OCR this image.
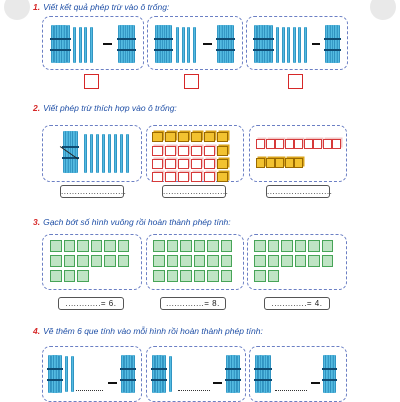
1. Viết kết quả phép trừ vào ô trống:
2. Viết phép trừ thích hợp vào ô trống:
........................	........................	........................
3. Gạch bớt số hình vuông rồi hoàn thành phép tính:
.............= 6.	..............= 8.	.............= 4.
4. Vẽ thêm 6 que tính vào mỗi hình rồi hoàn thành phép tính:
